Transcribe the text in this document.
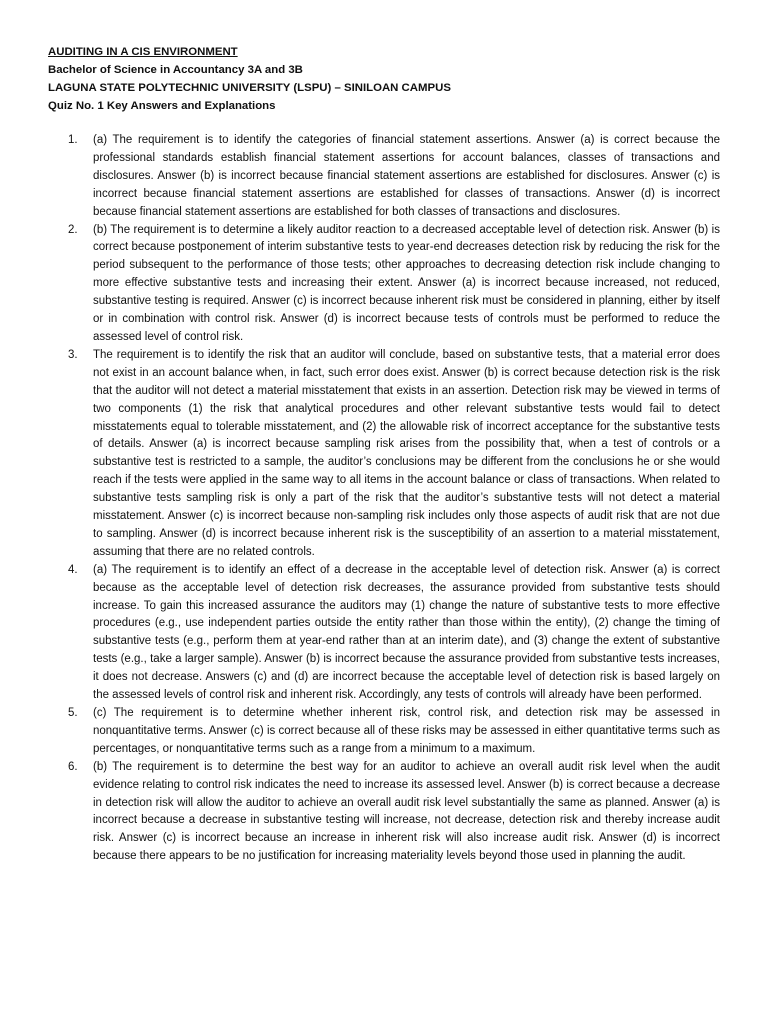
AUDITING IN A CIS ENVIRONMENT
Bachelor of Science in Accountancy 3A and 3B
LAGUNA STATE POLYTECHNIC UNIVERSITY (LSPU) – SINILOAN CAMPUS
Quiz No. 1 Key Answers and Explanations
1. (a) The requirement is to identify the categories of financial statement assertions. Answer (a) is correct because the professional standards establish financial statement assertions for account balances, classes of transactions and disclosures. Answer (b) is incorrect because financial statement assertions are established for disclosures. Answer (c) is incorrect because financial statement assertions are established for classes of transactions. Answer (d) is incorrect because financial statement assertions are established for both classes of transactions and disclosures.
2. (b) The requirement is to determine a likely auditor reaction to a decreased acceptable level of detection risk. Answer (b) is correct because postponement of interim substantive tests to year-end decreases detection risk by reducing the risk for the period subsequent to the performance of those tests; other approaches to decreasing detection risk include changing to more effective substantive tests and increasing their extent. Answer (a) is incorrect because increased, not reduced, substantive testing is required. Answer (c) is incorrect because inherent risk must be considered in planning, either by itself or in combination with control risk. Answer (d) is incorrect because tests of controls must be performed to reduce the assessed level of control risk.
3. The requirement is to identify the risk that an auditor will conclude, based on substantive tests, that a material error does not exist in an account balance when, in fact, such error does exist. Answer (b) is correct because detection risk is the risk that the auditor will not detect a material misstatement that exists in an assertion. Detection risk may be viewed in terms of two components (1) the risk that analytical procedures and other relevant substantive tests would fail to detect misstatements equal to tolerable misstatement, and (2) the allowable risk of incorrect acceptance for the substantive tests of details. Answer (a) is incorrect because sampling risk arises from the possibility that, when a test of controls or a substantive test is restricted to a sample, the auditor’s conclusions may be different from the conclusions he or she would reach if the tests were applied in the same way to all items in the account balance or class of transactions. When related to substantive tests sampling risk is only a part of the risk that the auditor’s substantive tests will not detect a material misstatement. Answer (c) is incorrect because non-sampling risk includes only those aspects of audit risk that are not due to sampling. Answer (d) is incorrect because inherent risk is the susceptibility of an assertion to a material misstatement, assuming that there are no related controls.
4. (a) The requirement is to identify an effect of a decrease in the acceptable level of detection risk. Answer (a) is correct because as the acceptable level of detection risk decreases, the assurance provided from substantive tests should increase. To gain this increased assurance the auditors may (1) change the nature of substantive tests to more effective procedures (e.g., use independent parties outside the entity rather than those within the entity), (2) change the timing of substantive tests (e.g., perform them at year-end rather than at an interim date), and (3) change the extent of substantive tests (e.g., take a larger sample). Answer (b) is incorrect because the assurance provided from substantive tests increases, it does not decrease. Answers (c) and (d) are incorrect because the acceptable level of detection risk is based largely on the assessed levels of control risk and inherent risk. Accordingly, any tests of controls will already have been performed.
5. (c) The requirement is to determine whether inherent risk, control risk, and detection risk may be assessed in nonquantitative terms. Answer (c) is correct because all of these risks may be assessed in either quantitative terms such as percentages, or nonquantitative terms such as a range from a minimum to a maximum.
6. (b) The requirement is to determine the best way for an auditor to achieve an overall audit risk level when the audit evidence relating to control risk indicates the need to increase its assessed level. Answer (b) is correct because a decrease in detection risk will allow the auditor to achieve an overall audit risk level substantially the same as planned. Answer (a) is incorrect because a decrease in substantive testing will increase, not decrease, detection risk and thereby increase audit risk. Answer (c) is incorrect because an increase in inherent risk will also increase audit risk. Answer (d) is incorrect because there appears to be no justification for increasing materiality levels beyond those used in planning the audit.
